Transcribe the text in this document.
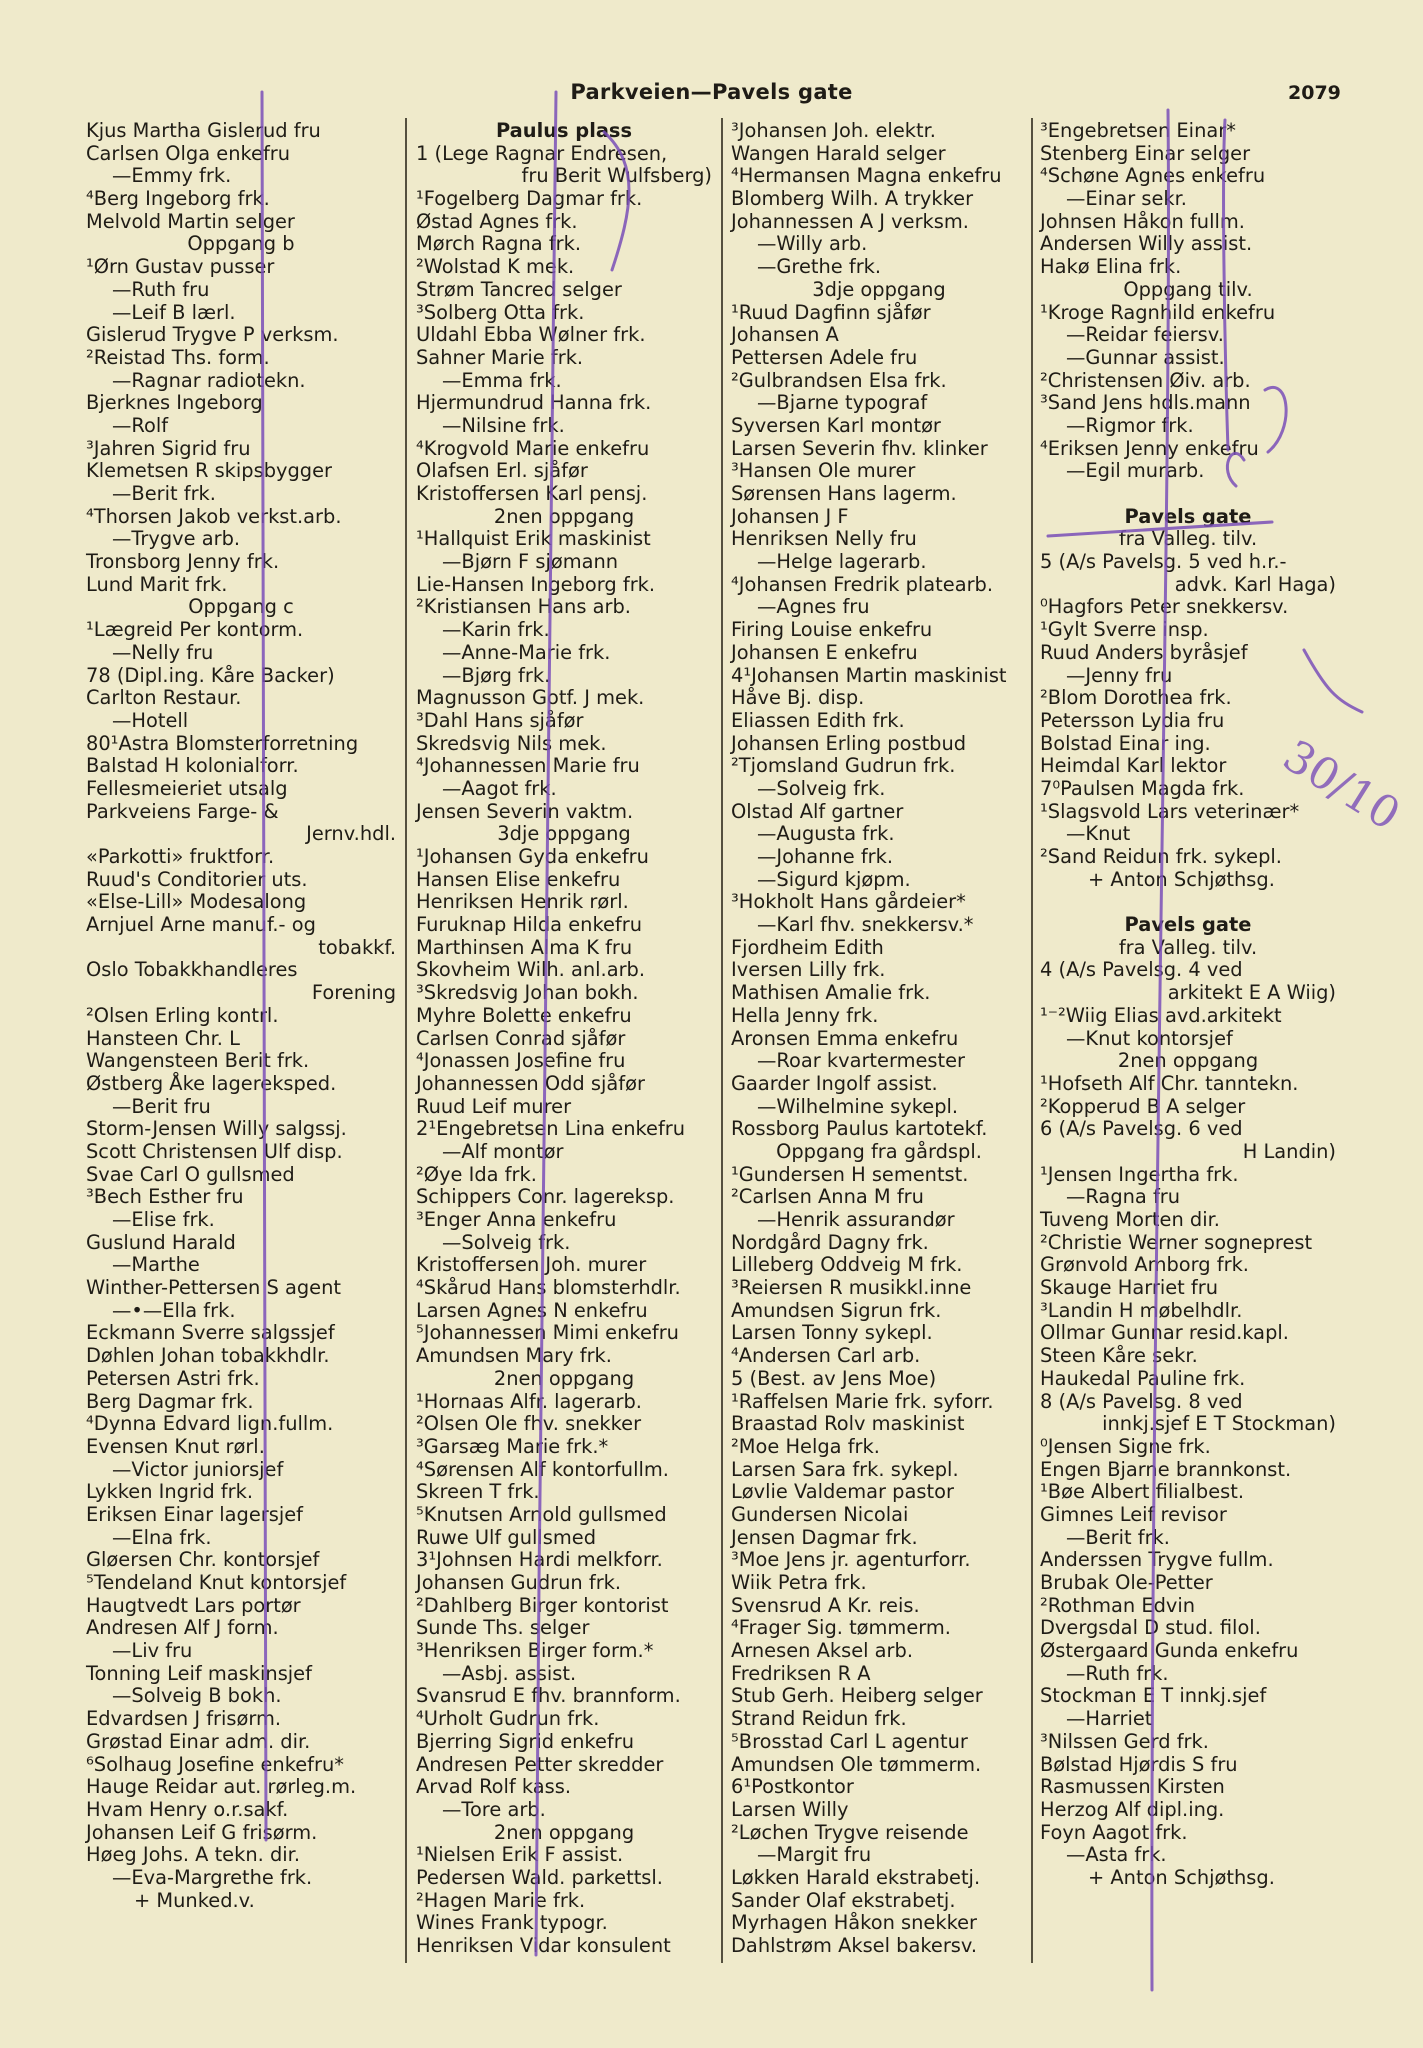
Parkveien—Pavels gate	2079
Kjus Martha Gislerud fru
Carlsen Olga enkefru
—Emmy frk.
⁴Berg Ingeborg frk.
Melvold Martin selger
Oppgang b
¹Ørn Gustav pusser
—Ruth fru
—Leif B lærl.
Gislerud Trygve P verksm.
²Reistad Ths. form.
—Ragnar radiotekn.
Bjerknes Ingeborg
—Rolf
³Jahren Sigrid fru
Klemetsen R skipsbygger
—Berit frk.
⁴Thorsen Jakob verkst.arb.
—Trygve arb.
Tronsborg Jenny frk.
Lund Marit frk.
Oppgang c
¹Lægreid Per kontorm.
—Nelly fru
78 (Dipl.ing. Kåre Backer)
Carlton Restaur.
—Hotell
80¹Astra Blomsterforretning
Balstad H kolonialforr.
Fellesmeieriet utsalg
Parkveiens Farge- &
Jernv.hdl.
«Parkotti» fruktforr.
Ruud's Conditorier uts.
«Else-Lill» Modesalong
Arnjuel Arne manuf.- og
tobakkf.
Oslo Tobakkhandleres
Forening
²Olsen Erling kontrl.
Hansteen Chr. L
Wangensteen Berit frk.
Østberg Åke lagereksped.
—Berit fru
Storm-Jensen Willy salgssj.
Scott Christensen Ulf disp.
Svae Carl O gullsmed
³Bech Esther fru
—Elise frk.
Guslund Harald
—Marthe
Winther-Pettersen S agent
—•—Ella frk.
Eckmann Sverre salgssjef
Døhlen Johan tobakkhdlr.
Petersen Astri frk.
Berg Dagmar frk.
⁴Dynna Edvard lign.fullm.
Evensen Knut rørl.
—Victor juniorsjef
Lykken Ingrid frk.
Eriksen Einar lagersjef
—Elna frk.
Gløersen Chr. kontorsjef
⁵Tendeland Knut kontorsjef
Haugtvedt Lars portør
Andresen Alf J form.
—Liv fru
Tonning Leif maskinsjef
—Solveig B bokh.
Edvardsen J frisørm.
Grøstad Einar adm. dir.
⁶Solhaug Josefine enkefru*
Hauge Reidar aut. rørleg.m.
Hvam Henry o.r.sakf.
Johansen Leif G frisørm.
Høeg Johs. A tekn. dir.
—Eva-Margrethe frk.
+ Munked.v.
Paulus plass
1 (Lege Ragnar Endresen,
fru Berit Wulfsberg)
¹Fogelberg Dagmar frk.
Østad Agnes frk.
Mørch Ragna frk.
²Wolstad K mek.
Strøm Tancred selger
³Solberg Otta frk.
Uldahl Ebba Wølner frk.
Sahner Marie frk.
—Emma frk.
Hjermundrud Hanna frk.
—Nilsine frk.
⁴Krogvold Marie enkefru
Olafsen Erl. sjåfør
Kristoffersen Karl pensj.
2nen oppgang
¹Hallquist Erik maskinist
—Bjørn F sjømann
Lie-Hansen Ingeborg frk.
²Kristiansen Hans arb.
—Karin frk.
—Anne-Marie frk.
—Bjørg frk.
Magnusson Gotf. J mek.
³Dahl Hans sjåfør
Skredsvig Nils mek.
⁴Johannessen Marie fru
—Aagot frk.
Jensen Severin vaktm.
3dje oppgang
¹Johansen Gyda enkefru
Hansen Elise enkefru
Henriksen Henrik rørl.
Furuknap Hilda enkefru
Marthinsen Alma K fru
Skovheim Wilh. anl.arb.
³Skredsvig Johan bokh.
Myhre Bolette enkefru
Carlsen Conrad sjåfør
⁴Jonassen Josefine fru
Johannessen Odd sjåfør
Ruud Leif murer
2¹Engebretsen Lina enkefru
—Alf montør
²Øye Ida frk.
Schippers Conr. lagereksp.
³Enger Anna enkefru
—Solveig frk.
Kristoffersen Joh. murer
⁴Skårud Hans blomsterhdlr.
Larsen Agnes N enkefru
⁵Johannessen Mimi enkefru
Amundsen Mary frk.
2nen oppgang
¹Hornaas Alfr. lagerarb.
²Olsen Ole fhv. snekker
³Garsæg Marie frk.*
⁴Sørensen Alf kontorfullm.
Skreen T frk.
⁵Knutsen Arnold gullsmed
Ruwe Ulf gullsmed
3¹Johnsen Hardi melkforr.
Johansen Gudrun frk.
²Dahlberg Birger kontorist
Sunde Ths. selger
³Henriksen Birger form.*
—Asbj. assist.
Svansrud E fhv. brannform.
⁴Urholt Gudrun frk.
Bjerring Sigrid enkefru
Andresen Petter skredder
Arvad Rolf kass.
—Tore arb.
2nen oppgang
¹Nielsen Erik F assist.
Pedersen Wald. parkettsl.
²Hagen Marie frk.
Wines Frank typogr.
Henriksen Vidar konsulent
³Johansen Joh. elektr.
Wangen Harald selger
⁴Hermansen Magna enkefru
Blomberg Wilh. A trykker
Johannessen A J verksm.
—Willy arb.
—Grethe frk.
3dje oppgang
¹Ruud Dagfinn sjåfør
Johansen A
Pettersen Adele fru
²Gulbrandsen Elsa frk.
—Bjarne typograf
Syversen Karl montør
Larsen Severin fhv. klinker
³Hansen Ole murer
Sørensen Hans lagerm.
Johansen J F
Henriksen Nelly fru
—Helge lagerarb.
⁴Johansen Fredrik platearb.
—Agnes fru
Firing Louise enkefru
Johansen E enkefru
4¹Johansen Martin maskinist
Håve Bj. disp.
Eliassen Edith frk.
Johansen Erling postbud
²Tjomsland Gudrun frk.
—Solveig frk.
Olstad Alf gartner
—Augusta frk.
—Johanne frk.
—Sigurd kjøpm.
³Hokholt Hans gårdeier*
—Karl fhv. snekkersv.*
Fjordheim Edith
Iversen Lilly frk.
Mathisen Amalie frk.
Hella Jenny frk.
Aronsen Emma enkefru
—Roar kvartermester
Gaarder Ingolf assist.
—Wilhelmine sykepl.
Rossborg Paulus kartotekf.
Oppgang fra gårdspl.
¹Gundersen H sementst.
²Carlsen Anna M fru
—Henrik assurandør
Nordgård Dagny frk.
Lilleberg Oddveig M frk.
³Reiersen R musikkl.inne
Amundsen Sigrun frk.
Larsen Tonny sykepl.
⁴Andersen Carl arb.
5 (Best. av Jens Moe)
¹Raffelsen Marie frk. syforr.
Braastad Rolv maskinist
²Moe Helga frk.
Larsen Sara frk. sykepl.
Løvlie Valdemar pastor
Gundersen Nicolai
Jensen Dagmar frk.
³Moe Jens jr. agenturforr.
Wiik Petra frk.
Svensrud A Kr. reis.
⁴Frager Sig. tømmerm.
Arnesen Aksel arb.
Fredriksen R A
Stub Gerh. Heiberg selger
Strand Reidun frk.
⁵Brosstad Carl L agentur
Amundsen Ole tømmerm.
6¹Postkontor
Larsen Willy
²Løchen Trygve reisende
—Margit fru
Løkken Harald ekstrabetj.
Sander Olaf ekstrabetj.
Myrhagen Håkon snekker
Dahlstrøm Aksel bakersv.
³Engebretsen Einar*
Stenberg Einar selger
⁴Schøne Agnes enkefru
—Einar sekr.
Johnsen Håkon fullm.
Andersen Willy assist.
Hakø Elina frk.
Oppgang tilv.
¹Kroge Ragnhild enkefru
—Reidar feiersv.
—Gunnar assist.
²Christensen Øiv. arb.
³Sand Jens hdls.mann
—Rigmor frk.
⁴Eriksen Jenny enkefru
—Egil murarb.
Pavels gate
fra Valleg. tilv.
5 (A/s Pavelsg. 5 ved h.r.-
advk. Karl Haga)
⁰Hagfors Peter snekkersv.
¹Gylt Sverre insp.
Ruud Anders byråsjef
—Jenny fru
²Blom Dorothea frk.
Petersson Lydia fru
Bolstad Einar ing.
Heimdal Karl lektor
7⁰Paulsen Magda frk.
¹Slagsvold Lars veterinær*
—Knut
²Sand Reidun frk. sykepl.
+ Anton Schjøthsg.
Pavels gate
fra Valleg. tilv.
4 (A/s Pavelsg. 4 ved
arkitekt E A Wiig)
¹⁻²Wiig Elias avd.arkitekt
—Knut kontorsjef
2nen oppgang
¹Hofseth Alf Chr. tanntekn.
²Kopperud B A selger
6 (A/s Pavelsg. 6 ved
H Landin)
¹Jensen Ingertha frk.
—Ragna fru
Tuveng Morten dir.
²Christie Werner sogneprest
Grønvold Amborg frk.
Skauge Harriet fru
³Landin H møbelhdlr.
Ollmar Gunnar resid.kapl.
Steen Kåre sekr.
Haukedal Pauline frk.
8 (A/s Pavelsg. 8 ved
innkj.sjef E T Stockman)
⁰Jensen Signe frk.
Engen Bjarne brannkonst.
¹Bøe Albert filialbest.
Gimnes Leif revisor
—Berit frk.
Anderssen Trygve fullm.
Brubak Ole-Petter
²Rothman Edvin
Dvergsdal D stud. filol.
Østergaard Gunda enkefru
—Ruth frk.
Stockman E T innkj.sjef
—Harriet
³Nilssen Gerd frk.
Bølstad Hjørdis S fru
Rasmussen Kirsten
Herzog Alf dipl.ing.
Foyn Aagot frk.
—Asta frk.
+ Anton Schjøthsg.
30/10
